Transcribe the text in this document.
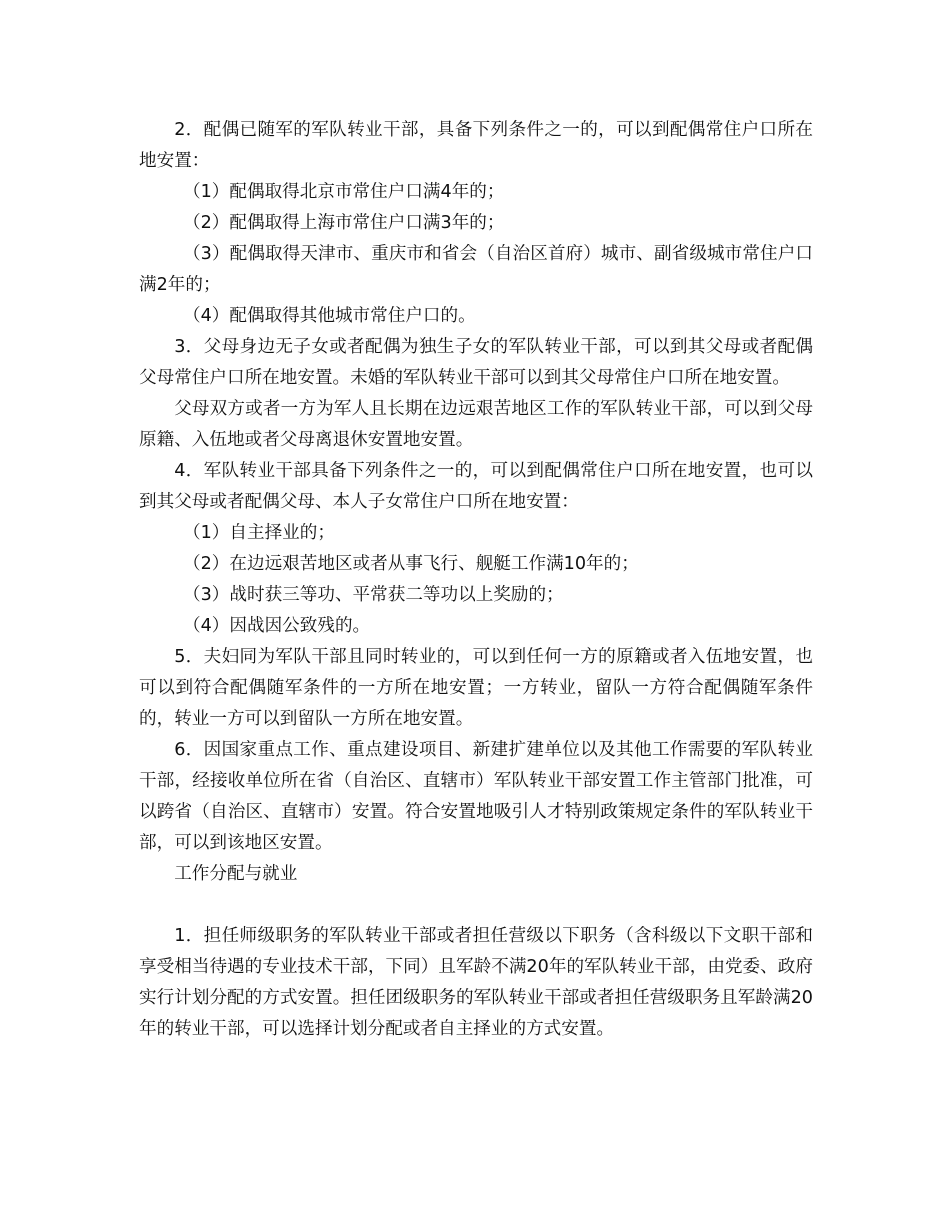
2．配偶已随军的军队转业干部，具备下列条件之一的，可以到配偶常住户口所在地安置：

（1）配偶取得北京市常住户口满4年的；

（2）配偶取得上海市常住户口满3年的；

（3）配偶取得天津市、重庆市和省会（自治区首府）城市、副省级城市常住户口满2年的；

（4）配偶取得其他城市常住户口的。

3．父母身边无子女或者配偶为独生子女的军队转业干部，可以到其父母或者配偶父母常住户口所在地安置。未婚的军队转业干部可以到其父母常住户口所在地安置。

父母双方或者一方为军人且长期在边远艰苦地区工作的军队转业干部，可以到父母原籍、入伍地或者父母离退休安置地安置。

4．军队转业干部具备下列条件之一的，可以到配偶常住户口所在地安置，也可以到其父母或者配偶父母、本人子女常住户口所在地安置：

（1）自主择业的；

（2）在边远艰苦地区或者从事飞行、舰艇工作满10年的；

（3）战时获三等功、平常获二等功以上奖励的；

（4）因战因公致残的。

5．夫妇同为军队干部且同时转业的，可以到任何一方的原籍或者入伍地安置，也可以到符合配偶随军条件的一方所在地安置；一方转业，留队一方符合配偶随军条件的，转业一方可以到留队一方所在地安置。

6．因国家重点工作、重点建设项目、新建扩建单位以及其他工作需要的军队转业干部，经接收单位所在省（自治区、直辖市）军队转业干部安置工作主管部门批准，可以跨省（自治区、直辖市）安置。符合安置地吸引人才特别政策规定条件的军队转业干部，可以到该地区安置。

工作分配与就业

1．担任师级职务的军队转业干部或者担任营级以下职务（含科级以下文职干部和享受相当待遇的专业技术干部，下同）且军龄不满20年的军队转业干部，由党委、政府实行计划分配的方式安置。担任团级职务的军队转业干部或者担任营级职务且军龄满20年的转业干部，可以选择计划分配或者自主择业的方式安置。
